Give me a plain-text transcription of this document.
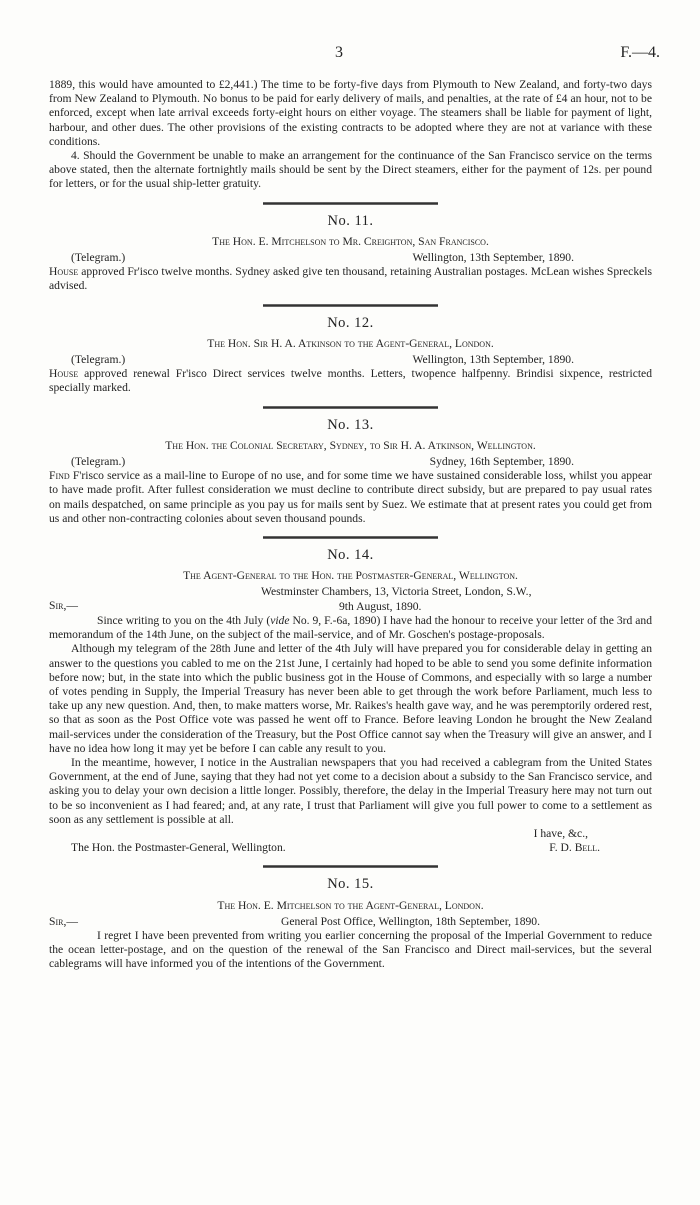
3	F.—4.

1889, this would have amounted to £2,441.) The time to be forty-five days from Plymouth to New Zealand, and forty-two days from New Zealand to Plymouth. No bonus to be paid for early delivery of mails, and penalties, at the rate of £4 an hour, not to be enforced, except when late arrival exceeds forty-eight hours on either voyage. The steamers shall be liable for payment of light, harbour, and other dues. The other provisions of the existing contracts to be adopted where they are not at variance with these conditions.

4. Should the Government be unable to make an arrangement for the continuance of the San Francisco service on the terms above stated, then the alternate fortnightly mails should be sent by the Direct steamers, either for the payment of 12s. per pound for letters, or for the usual ship-letter gratuity.

No. 11.
The Hon. E. Mitchelson to Mr. Creighton, San Francisco.
(Telegram.)	Wellington, 13th September, 1890.

House approved Fr'isco twelve months. Sydney asked give ten thousand, retaining Australian postages. McLean wishes Spreckels advised.

No. 12.
The Hon. Sir H. A. Atkinson to the Agent-General, London.
(Telegram.)	Wellington, 13th September, 1890.

House approved renewal Fr'isco Direct services twelve months. Letters, twopence halfpenny. Brindisi sixpence, restricted specially marked.

No. 13.
The Hon. the Colonial Secretary, Sydney, to Sir H. A. Atkinson, Wellington.
(Telegram.)	Sydney, 16th September, 1890.

Find F'risco service as a mail-line to Europe of no use, and for some time we have sustained considerable loss, whilst you appear to have made profit. After fullest consideration we must decline to contribute direct subsidy, but are prepared to pay usual rates on mails despatched, on same principle as you pay us for mails sent by Suez. We estimate that at present rates you could get from us and other non-contracting colonies about seven thousand pounds.

No. 14.
The Agent-General to the Hon. the Postmaster-General, Wellington.
Sir,—
Westminster Chambers, 13, Victoria Street, London, S.W.,
9th August, 1890.

Since writing to you on the 4th July (vide No. 9, F.-6a, 1890) I have had the honour to receive your letter of the 3rd and memorandum of the 14th June, on the subject of the mail-service, and of Mr. Goschen's postage-proposals.

Although my telegram of the 28th June and letter of the 4th July will have prepared you for considerable delay in getting an answer to the questions you cabled to me on the 21st June, I certainly had hoped to be able to send you some definite information before now; but, in the state into which the public business got in the House of Commons, and especially with so large a number of votes pending in Supply, the Imperial Treasury has never been able to get through the work before Parliament, much less to take up any new question. And, then, to make matters worse, Mr. Raikes's health gave way, and he was peremptorily ordered rest, so that as soon as the Post Office vote was passed he went off to France. Before leaving London he brought the New Zealand mail-services under the consideration of the Treasury, but the Post Office cannot say when the Treasury will give an answer, and I have no idea how long it may yet be before I can cable any result to you.

In the meantime, however, I notice in the Australian newspapers that you had received a cablegram from the United States Government, at the end of June, saying that they had not yet come to a decision about a subsidy to the San Francisco service, and asking you to delay your own decision a little longer. Possibly, therefore, the delay in the Imperial Treasury here may not turn out to be so inconvenient as I had feared; and, at any rate, I trust that Parliament will give you full power to come to a settlement as soon as any settlement is possible at all.

I have, &c.,
The Hon. the Postmaster-General, Wellington.	F. D. Bell.
No. 15.
The Hon. E. Mitchelson to the Agent-General, London.
Sir,—	General Post Office, Wellington, 18th September, 1890.

I regret I have been prevented from writing you earlier concerning the proposal of the Imperial Government to reduce the ocean letter-postage, and on the question of the renewal of the San Francisco and Direct mail-services, but the several cablegrams will have informed you of the intentions of the Government.
